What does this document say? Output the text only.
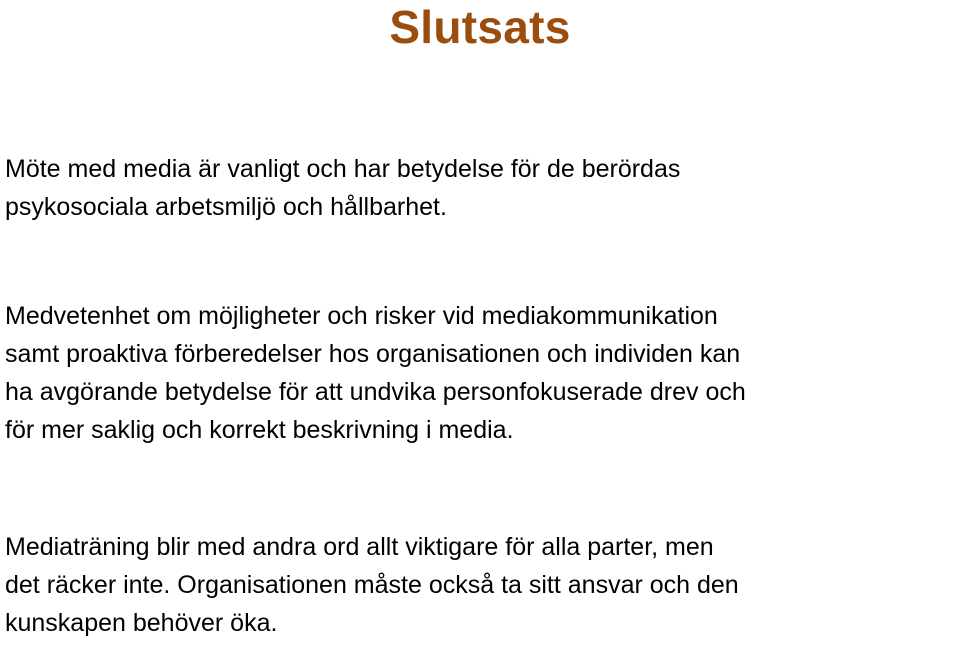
Slutsats
Möte med media är vanligt och har betydelse för de berördas
psykosociala arbetsmiljö och hållbarhet.
Medvetenhet om möjligheter och risker vid mediakommunikation
samt proaktiva förberedelser hos organisationen och individen kan
ha avgörande betydelse för att undvika personfokuserade drev och
för mer saklig och korrekt beskrivning i media.
Mediaträning blir med andra ord allt viktigare för alla parter, men
det räcker inte. Organisationen måste också ta sitt ansvar och den
kunskapen behöver öka.
